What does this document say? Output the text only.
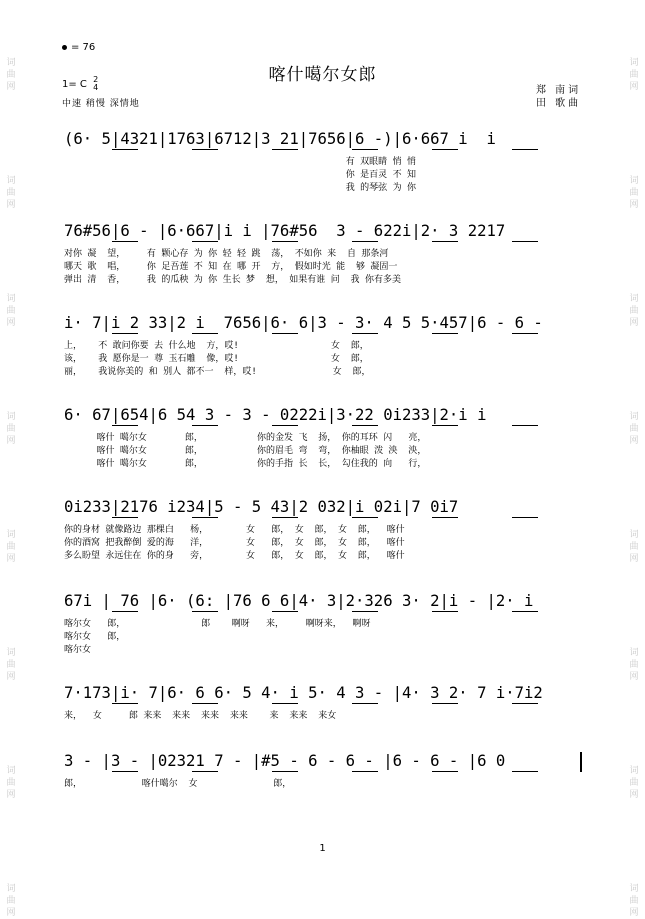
词
曲
网
词
曲
网
词
曲
网
词
曲
网
词
曲
网
词
曲
网
词
曲
网
词
曲
网
词
曲
网
词
曲
网
词
曲
网
词
曲
网
词
曲
网
词
曲
网
词
曲
网
词
曲
网
= 76
喀什噶尔女郎
1= C 2
4
中速 稍慢 深情地
郑 南词
田 歌曲
(6· 5|4321|1763|6712|3 21|7656|6 -)|6·667 i  i
有 双眼睛 悄 悄
你 是百灵 不 知
我 的琴弦 为 你
76#56|6 - |6·667|i i |76#56  3 - 622i|2· 3 2217
对你 凝  望，    有 颗心存 为 你 轻 轻 跳  荡， 不如你 来  自 那条河
哪天 歌  唱，    你 足吾莲 不 知 在 哪 开  方， 假如时光 能  够 凝固一
弹出 清  香，    我 的瓜秧 为 你 生长 梦  想， 如果有谁 问  我 你有多美
i· 7|i 2 33|2 i  7656|6· 6|3 - 3· 4 5 5·457|6 - 6 -
上，   不 敢问你要 去 什么地  方，哎!                 女  郎，
该，   我 愿你是一 尊 玉石雕  像，哎!                 女  郎，
丽，   我说你美的 和 别人 都不一  样，哎!              女  郎，
6· 67|654|6 54 3 - 3 - 0222i|3·22 0i233|2·i i
喀什 噶尔女       郎，          你的金发 飞  扬， 你的耳环 闪   亮，
喀什 噶尔女       郎，          你的眉毛 弯  弯， 你柚眼 泼 泱  泱，
喀什 噶尔女       郎，          你的手指 长  长， 勾住我的 向   行，
0i233|2176 i234|5 - 5 43|2 032|i 02i|7 0i7
你的身材 就像路边 那棵白   杨，       女   郎， 女  郎， 女  郎，  喀什
你的酒窝 把我醉倒 爱的海   洋，       女   郎， 女  郎， 女  郎，  喀什
多么盼望 永远住在 你的身   旁，       女   郎， 女  郎， 女  郎，  喀什
67i | 76 |6· (6: |76 6 6|4· 3|2·326 3· 2|i - |2· i
喀尔女   郎，              郎    啊呀   来，    啊呀来，  啊呀
喀尔女   郎，
喀尔女
7·173|i· 7|6· 6 6· 5 4· i 5· 4 3 - |4· 3 2· 7 i·7i2
来，  女     郎 来来  来来  来来  来来    来  来来  来女
3 - |3 - |02321 7 - |#5 - 6 - 6 - |6 - 6 - |6 0
郎，           喀什噶尔  女              郎，
1
